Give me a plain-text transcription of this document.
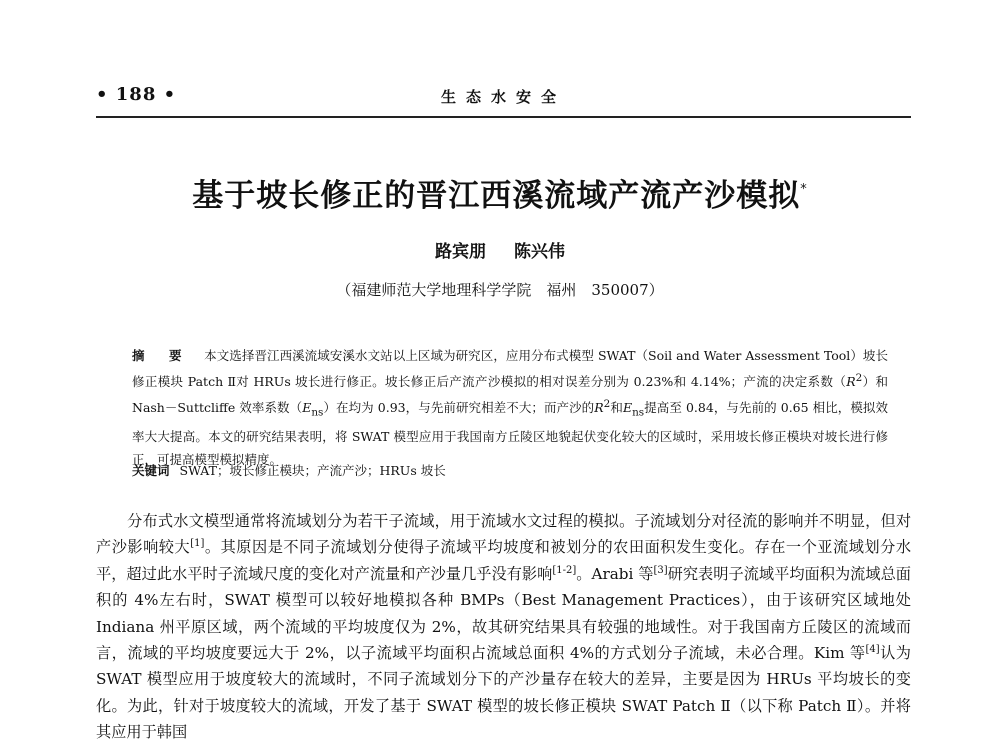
• 188 •	生态水安全
基于坡长修正的晋江西溪流域产流产沙模拟*
路宾朋 陈兴伟
（福建师范大学地理科学学院　福州　350007）
摘 要　 本文选择晋江西溪流域安溪水文站以上区域为研究区，应用分布式模型 SWAT（Soil and Water Assessment Tool）坡长修正模块 Patch Ⅱ对 HRUs 坡长进行修正。坡长修正后产流产沙模拟的相对误差分别为 0.23%和 4.14%；产流的决定系数$(R^2)$和 Nash－Suttcliffe 效率系数$(E_{ns})$在均为 0.93，与先前研究相差不大；而产沙的$R^2$和$E_{ns}$提高至 0.84，与先前的 0.65 相比，模拟效率大大提高。本文的研究结果表明，将 SWAT 模型应用于我国南方丘陵区地貌起伏变化较大的区域时，采用坡长修正模块对坡长进行修正，可提高模型模拟精度。
关键词 SWAT；坡长修正模块；产流产沙；HRUs 坡长
分布式水文模型通常将流域划分为若干子流域，用于流域水文过程的模拟。子流域划分对径流的影响并不明显，但对产沙影响较大[1]。其原因是不同子流域划分使得子流域平均坡度和被划分的农田面积发生变化。存在一个亚流域划分水平，超过此水平时子流域尺度的变化对产流量和产沙量几乎没有影响[1-2]。Arabi 等[3]研究表明子流域平均面积为流域总面积的 4%左右时，SWAT 模型可以较好地模拟各种 BMPs（Best Management Practices），由于该研究区域地处 Indiana 州平原区域，两个流域的平均坡度仅为 2%，故其研究结果具有较强的地域性。对于我国南方丘陵区的流域而言，流域的平均坡度要远大于 2%，以子流域平均面积占流域总面积 4%的方式划分子流域，未必合理。Kim 等[4]认为 SWAT 模型应用于坡度较大的流域时，不同子流域划分下的产沙量存在较大的差异，主要是因为 HRUs 平均坡长的变化。为此，针对于坡度较大的流域，开发了基于 SWAT 模型的坡长修正模块 SWAT Patch Ⅱ（以下称 Patch Ⅱ）。并将其应用于韩国
